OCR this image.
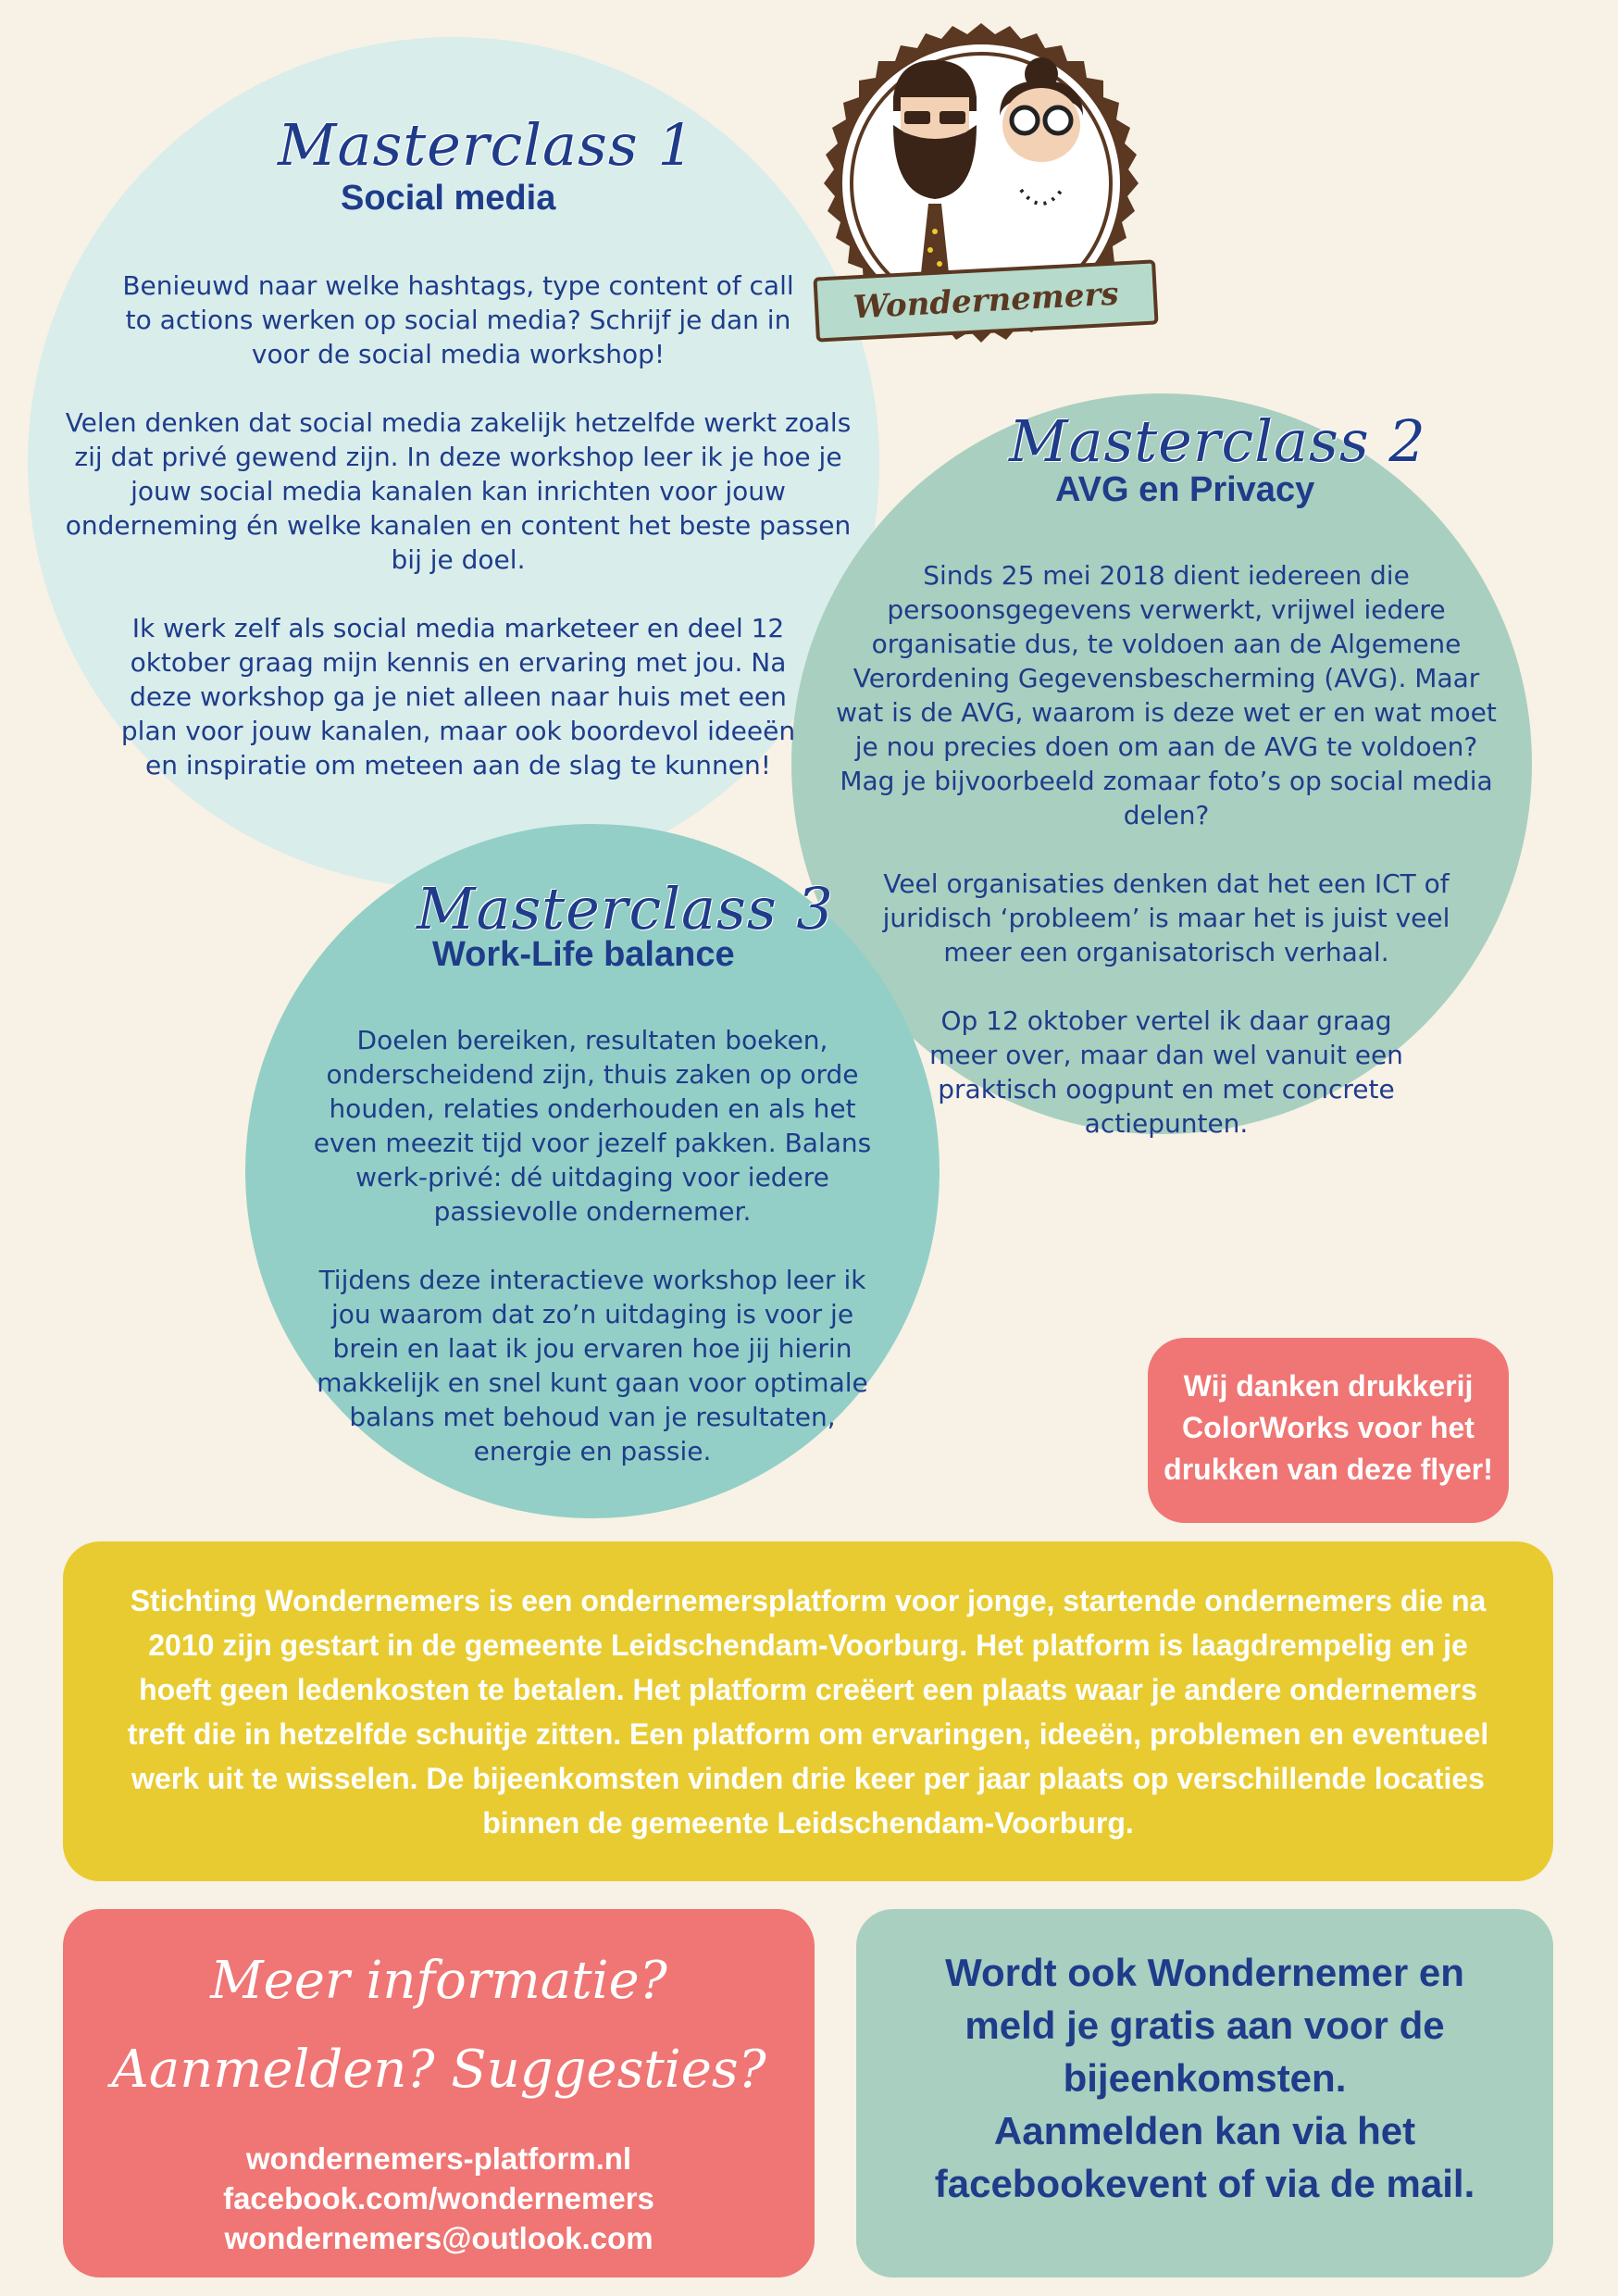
Masterclass 1
Social media

Benieuwd naar welke hashtags, type content of call to actions werken op social media? Schrijf je dan in voor de social media workshop!

Velen denken dat social media zakelijk hetzelfde werkt zoals zij dat privé gewend zijn. In deze workshop leer ik je hoe je jouw social media kanalen kan inrichten voor jouw onderneming én welke kanalen en content het beste passen bij je doel.

Ik werk zelf als social media marketeer en deel 12 oktober graag mijn kennis en ervaring met jou. Na deze workshop ga je niet alleen naar huis met een plan voor jouw kanalen, maar ook boordevol ideeën en inspiratie om meteen aan de slag te kunnen!

Masterclass 2
AVG en Privacy

Sinds 25 mei 2018 dient iedereen die persoonsgegevens verwerkt, vrijwel iedere organisatie dus, te voldoen aan de Algemene Verordening Gegevensbescherming (AVG). Maar wat is de AVG, waarom is deze wet er en wat moet je nou precies doen om aan de AVG te voldoen? Mag je bijvoorbeeld zomaar foto’s op social media delen?

Veel organisaties denken dat het een ICT of juridisch ‘probleem’ is maar het is juist veel meer een organisatorisch verhaal.

Op 12 oktober vertel ik daar graag meer over, maar dan wel vanuit een praktisch oogpunt en met concrete actiepunten.

Masterclass 3
Work-Life balance

Doelen bereiken, resultaten boeken, onderscheidend zijn, thuis zaken op orde houden, relaties onderhouden en als het even meezit tijd voor jezelf pakken. Balans werk-privé: dé uitdaging voor iedere passievolle ondernemer.

Tijdens deze interactieve workshop leer ik jou waarom dat zo’n uitdaging is voor je brein en laat ik jou ervaren hoe jij hierin makkelijk en snel kunt gaan voor optimale balans met behoud van je resultaten, energie en passie.

Wondernemers
Wij danken drukkerij ColorWorks voor het drukken van deze flyer!
Stichting Wondernemers is een ondernemersplatform voor jonge, startende ondernemers die na 2010 zijn gestart in de gemeente Leidschendam-Voorburg. Het platform is laagdrempelig en je hoeft geen ledenkosten te betalen. Het platform creëert een plaats waar je andere ondernemers treft die in hetzelfde schuitje zitten. Een platform om ervaringen, ideeën, problemen en eventueel werk uit te wisselen. De bijeenkomsten vinden drie keer per jaar plaats op verschillende locaties binnen de gemeente Leidschendam-Voorburg.
Meer informatie?
Aanmelden? Suggesties?
wondernemers-platform.nl
facebook.com/wondernemers
wondernemers@outlook.com
Wordt ook Wondernemer en meld je gratis aan voor de bijeenkomsten.
Aanmelden kan via het facebookevent of via de mail.
